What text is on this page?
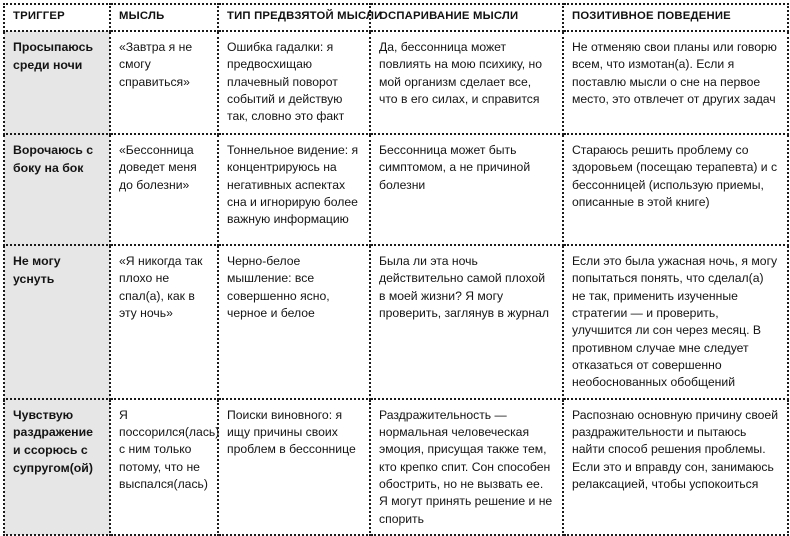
ТРИГГЕР	МЫСЛЬ	ТИП ПРЕДВЗЯТОЙ МЫСЛИ	ОСПАРИВАНИЕ МЫСЛИ	ПОЗИТИВНОЕ ПОВЕДЕНИЕ
Просыпаюсь среди ночи	«Завтра я не смогу справиться»	Ошибка гадалки: я предвосхищаю плачевный поворот событий и действую так, словно это факт	Да, бессонница может повлиять на мою психику, но мой организм сделает все, что в его силах, и справится	Не отменяю свои планы или говорю всем, что измотан(а). Если я поставлю мысли о сне на первое место, это отвлечет от других задач
Ворочаюсь с боку на бок	«Бессонница доведет меня до болезни»	Тоннельное видение: я концентрируюсь на негативных аспектах сна и игнорирую более важную информацию	Бессонница может быть симптомом, а не причиной болезни	Стараюсь решить проблему со здоровьем (посещаю терапевта) и с бессонницей (использую приемы, описанные в этой книге)
Не могу уснуть	«Я никогда так плохо не спал(а), как в эту ночь»	Черно-белое мышление: все совершенно ясно, черное и белое	Была ли эта ночь действительно самой плохой в моей жизни? Я могу проверить, заглянув в журнал	Если это была ужасная ночь, я могу попытаться понять, что сделал(а) не так, применить изученные стратегии — и проверить, улучшится ли сон через месяц. В противном случае мне следует отказаться от совершенно необоснованных обобщений
Чувствую раздражение и ссорюсь с супругом(ой)	Я поссорился(лась) с ним только потому, что не выспался(лась)	Поиски виновного: я ищу причины своих проблем в бессоннице	Раздражительность — нормальная человеческая эмоция, присущая также тем, кто крепко спит. Сон способен обострить, но не вызвать ее. Я могут принять решение и не спорить	Распознаю основную причину своей раздражительности и пытаюсь найти способ решения проблемы. Если это и вправду сон, занимаюсь релаксацией, чтобы успокоиться
